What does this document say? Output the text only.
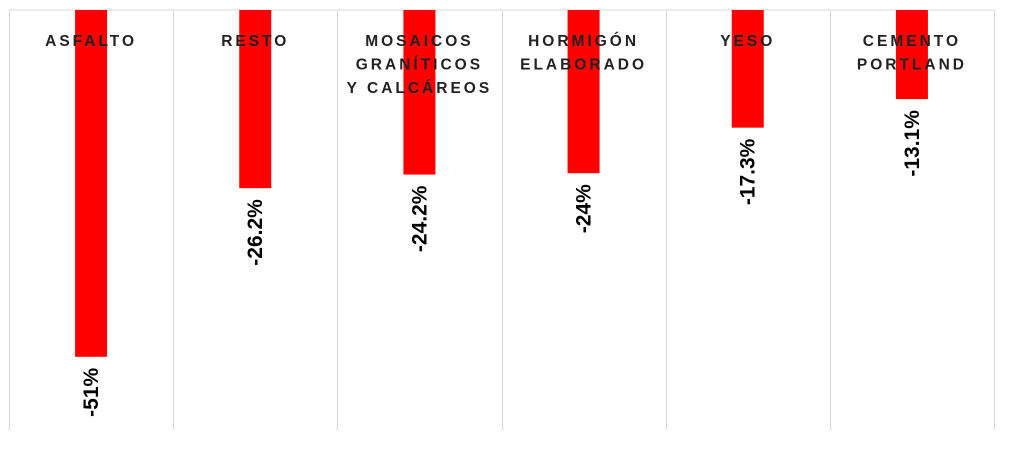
ASFALTO	RESTO	MOSAICOS GRANÍTICOS Y CALCÁREOS
HORMIGÓN ELABORADO
YESO	CEMENTO PORTLAND
-51%
-26.2%	-24.2%	-24%
-17.3%	-13.1%
